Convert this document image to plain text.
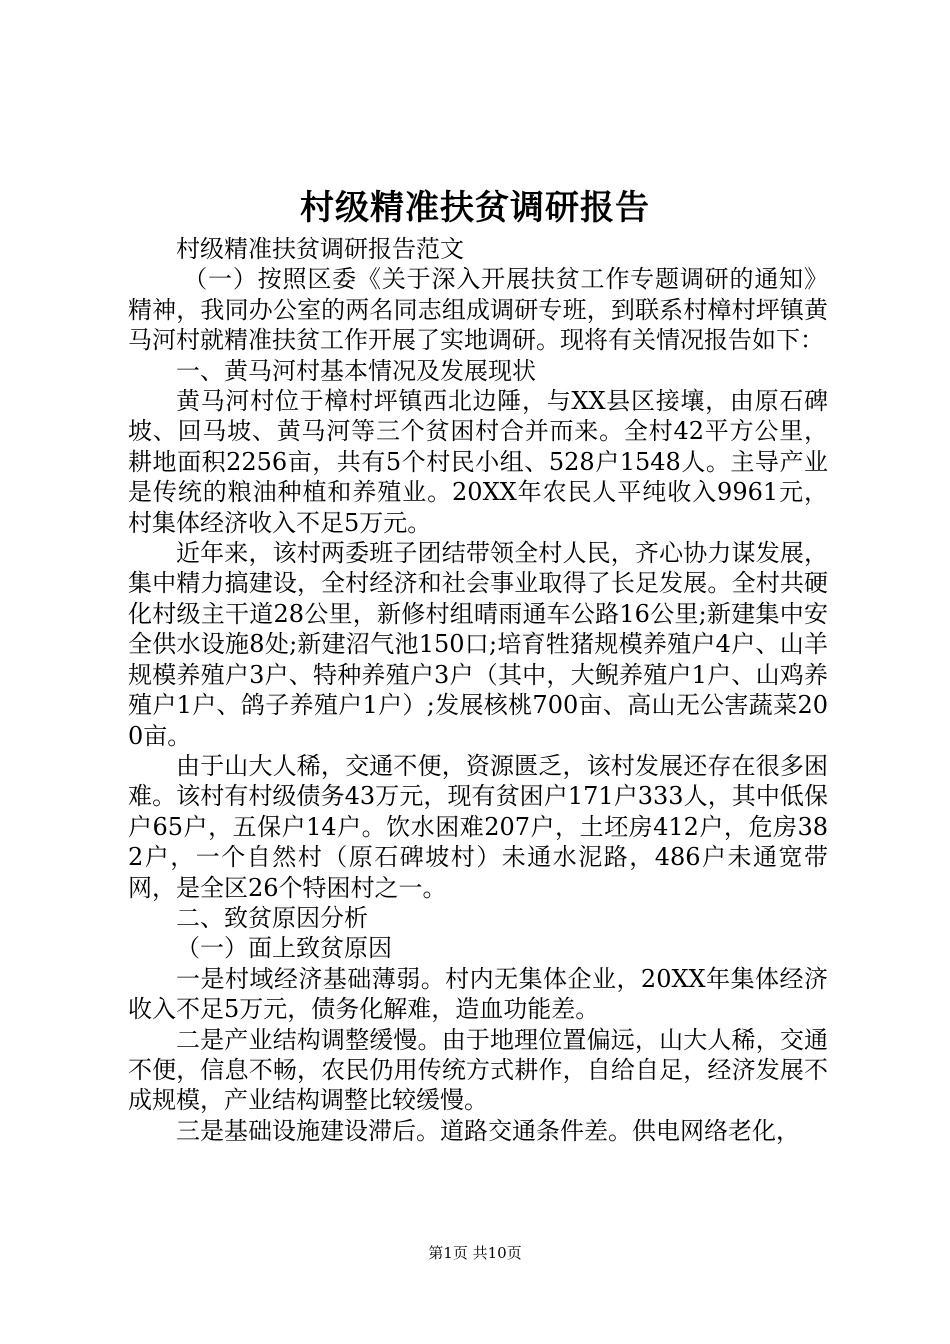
村级精准扶贫调研报告

村级精准扶贫调研报告范文

（一）按照区委《关于深入开展扶贫工作专题调研的通知》精神，我同办公室的两名同志组成调研专班，到联系村樟村坪镇黄马河村就精准扶贫工作开展了实地调研。现将有关情况报告如下：

一、黄马河村基本情况及发展现状

黄马河村位于樟村坪镇西北边陲，与XX县区接壤，由原石碑坡、回马坡、黄马河等三个贫困村合并而来。全村42平方公里，耕地面积2256亩，共有5个村民小组、528户1548人。主导产业是传统的粮油种植和养殖业。20XX年农民人平纯收入9961元，村集体经济收入不足5万元。

近年来，该村两委班子团结带领全村人民，齐心协力谋发展，集中精力搞建设，全村经济和社会事业取得了长足发展。全村共硬化村级主干道28公里，新修村组晴雨通车公路16公里;新建集中安全供水设施8处;新建沼气池150口;培育牲猪规模养殖户4户、山羊规模养殖户3户、特种养殖户3户（其中，大鲵养殖户1户、山鸡养殖户1户、鸽子养殖户1户）;发展核桃700亩、高山无公害蔬菜200亩。

由于山大人稀，交通不便，资源匮乏，该村发展还存在很多困难。该村有村级债务43万元，现有贫困户171户333人，其中低保户65户，五保户14户。饮水困难207户，土坯房412户，危房382户，一个自然村（原石碑坡村）未通水泥路，486户未通宽带网，是全区26个特困村之一。

二、致贫原因分析

（一）面上致贫原因

一是村域经济基础薄弱。村内无集体企业，20XX年集体经济收入不足5万元，债务化解难，造血功能差。

二是产业结构调整缓慢。由于地理位置偏远，山大人稀，交通不便，信息不畅，农民仍用传统方式耕作，自给自足，经济发展不成规模，产业结构调整比较缓慢。

三是基础设施建设滞后。道路交通条件差。供电网络老化，

第1页 共10页
